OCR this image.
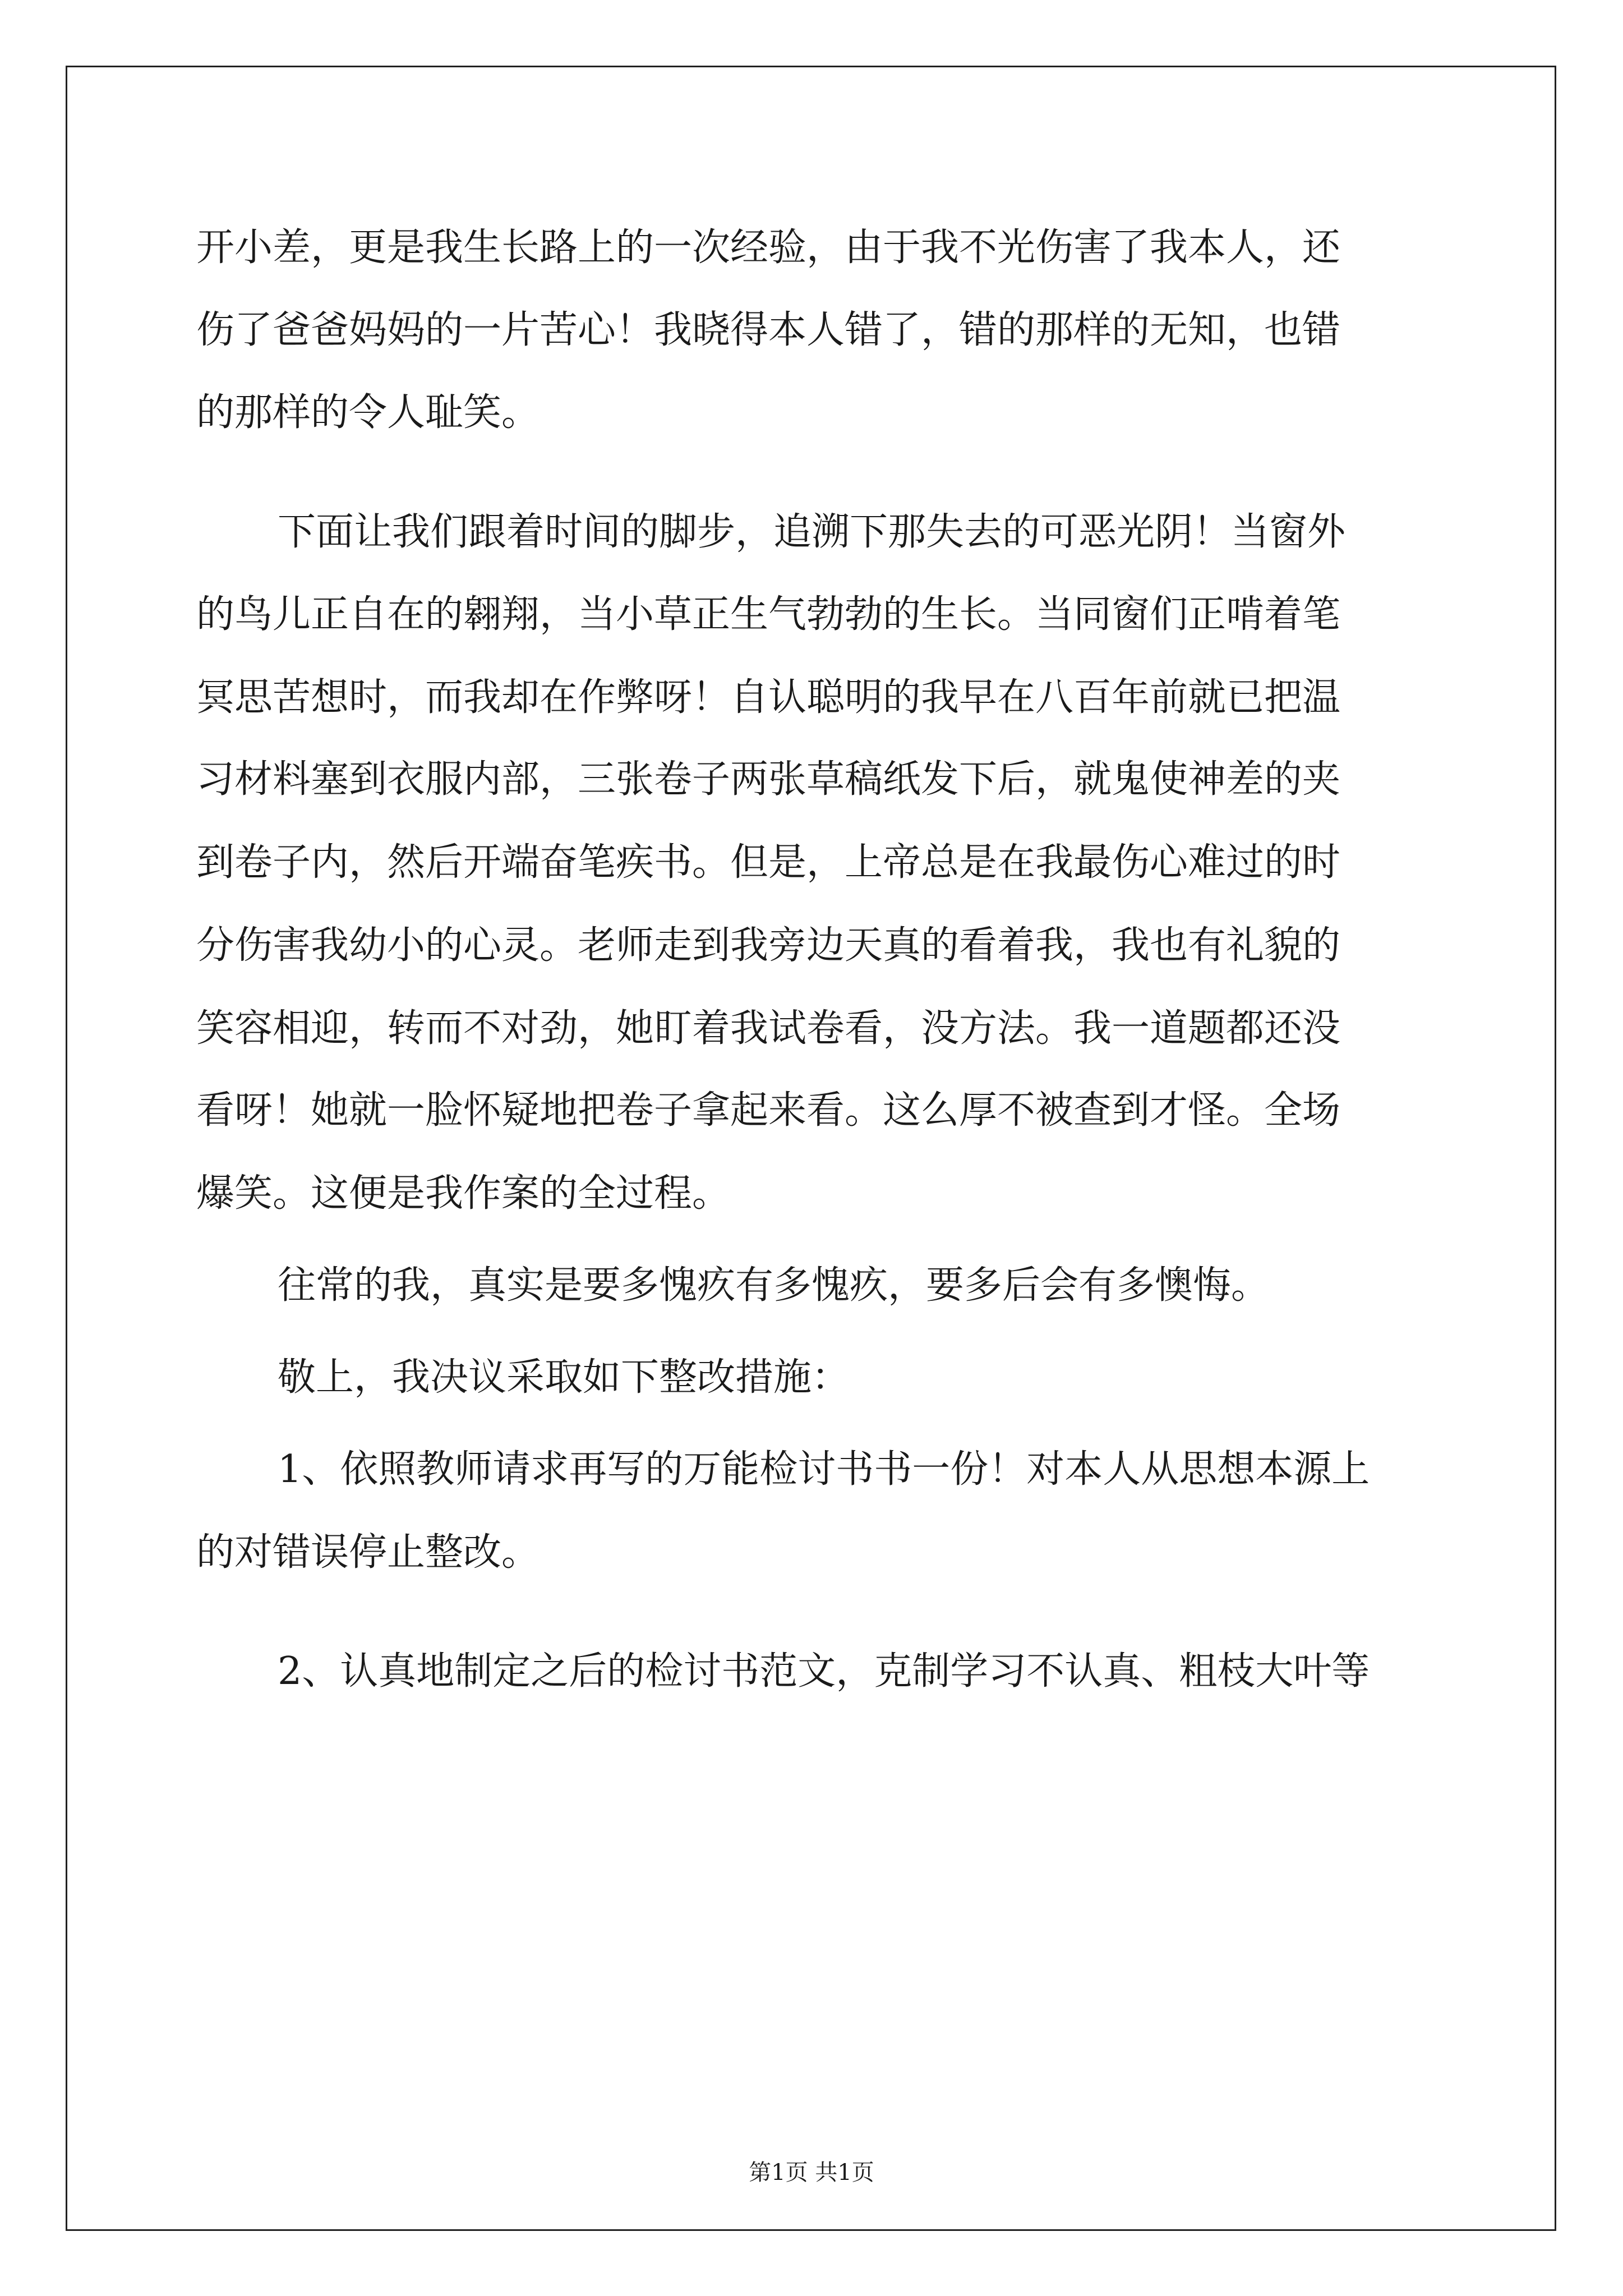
开小差，更是我生长路上的一次经验，由于我不光伤害了我本人，还
伤了爸爸妈妈的一片苦心！我晓得本人错了，错的那样的无知，也错
的那样的令人耻笑。
下面让我们跟着时间的脚步，追溯下那失去的可恶光阴！当窗外
的鸟儿正自在的翱翔，当小草正生气勃勃的生长。当同窗们正啃着笔
冥思苦想时，而我却在作弊呀！自认聪明的我早在八百年前就已把温
习材料塞到衣服内部，三张卷子两张草稿纸发下后，就鬼使神差的夹
到卷子内，然后开端奋笔疾书。但是，上帝总是在我最伤心难过的时
分伤害我幼小的心灵。老师走到我旁边天真的看着我，我也有礼貌的
笑容相迎，转而不对劲，她盯着我试卷看，没方法。我一道题都还没
看呀！她就一脸怀疑地把卷子拿起来看。这么厚不被查到才怪。全场
爆笑。这便是我作案的全过程。
往常的我，真实是要多愧疚有多愧疚，要多后会有多懊悔。
敬上，我决议采取如下整改措施：
1、依照教师请求再写的万能检讨书书一份！对本人从思想本源上
的对错误停止整改。
2、认真地制定之后的检讨书范文，克制学习不认真、粗枝大叶等
第1页 共1页
